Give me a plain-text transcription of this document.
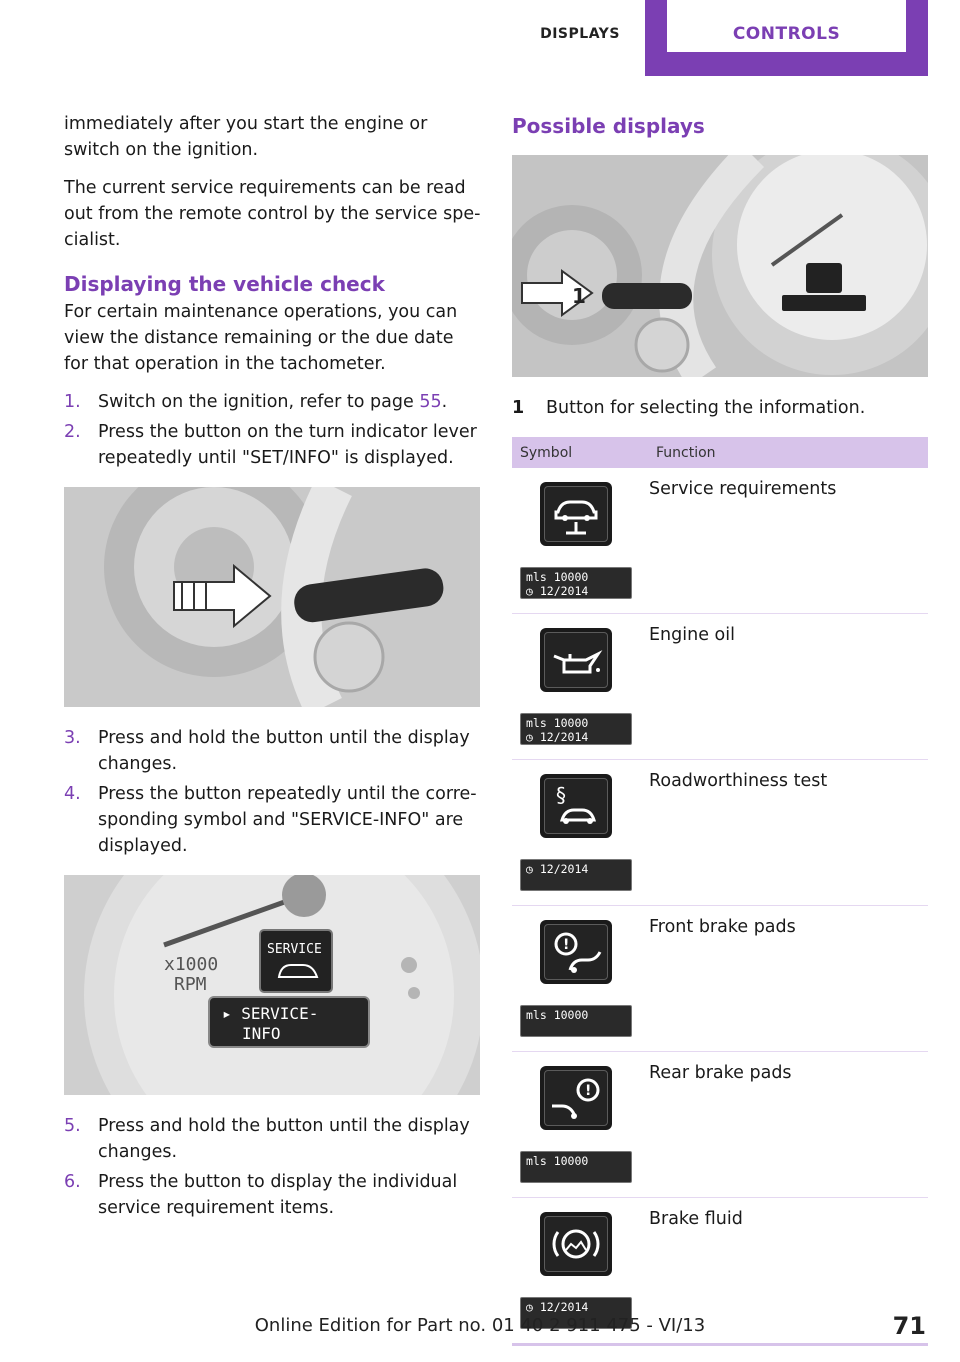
DISPLAYS	CONTROLS

immediately after you start the engine or switch on the ignition.

The current service requirements can be read out from the remote control by the service specialist.

Displaying the vehicle check

For certain maintenance operations, you can view the distance remaining or the due date for that operation in the tachometer.

1. Switch on the ignition, refer to page 55.
2. Press the button on the turn indicator lever repeatedly until "SET/INFO" is displayed.
3. Press and hold the button until the display changes.
4. Press the button repeatedly until the corresponding symbol and "SERVICE-INFO" are displayed.
x1000
RPM
SERVICE
▸ SERVICE-
INFO
5. Press and hold the button until the display changes.
6. Press the button to display the individual service requirement items.
Possible displays
1
1 Button for selecting the information.
Symbol	Function

mls 10000
◷ 12/2014	Service requirements

mls 10000
◷ 12/2014	Engine oil

§
◷ 12/2014	Roadworthiness test

!
mls 10000	Front brake pads

!
mls 10000	Rear brake pads

◷ 12/2014	Brake fluid
Online Edition for Part no. 01 40 2 911 475 - VI/13	71
